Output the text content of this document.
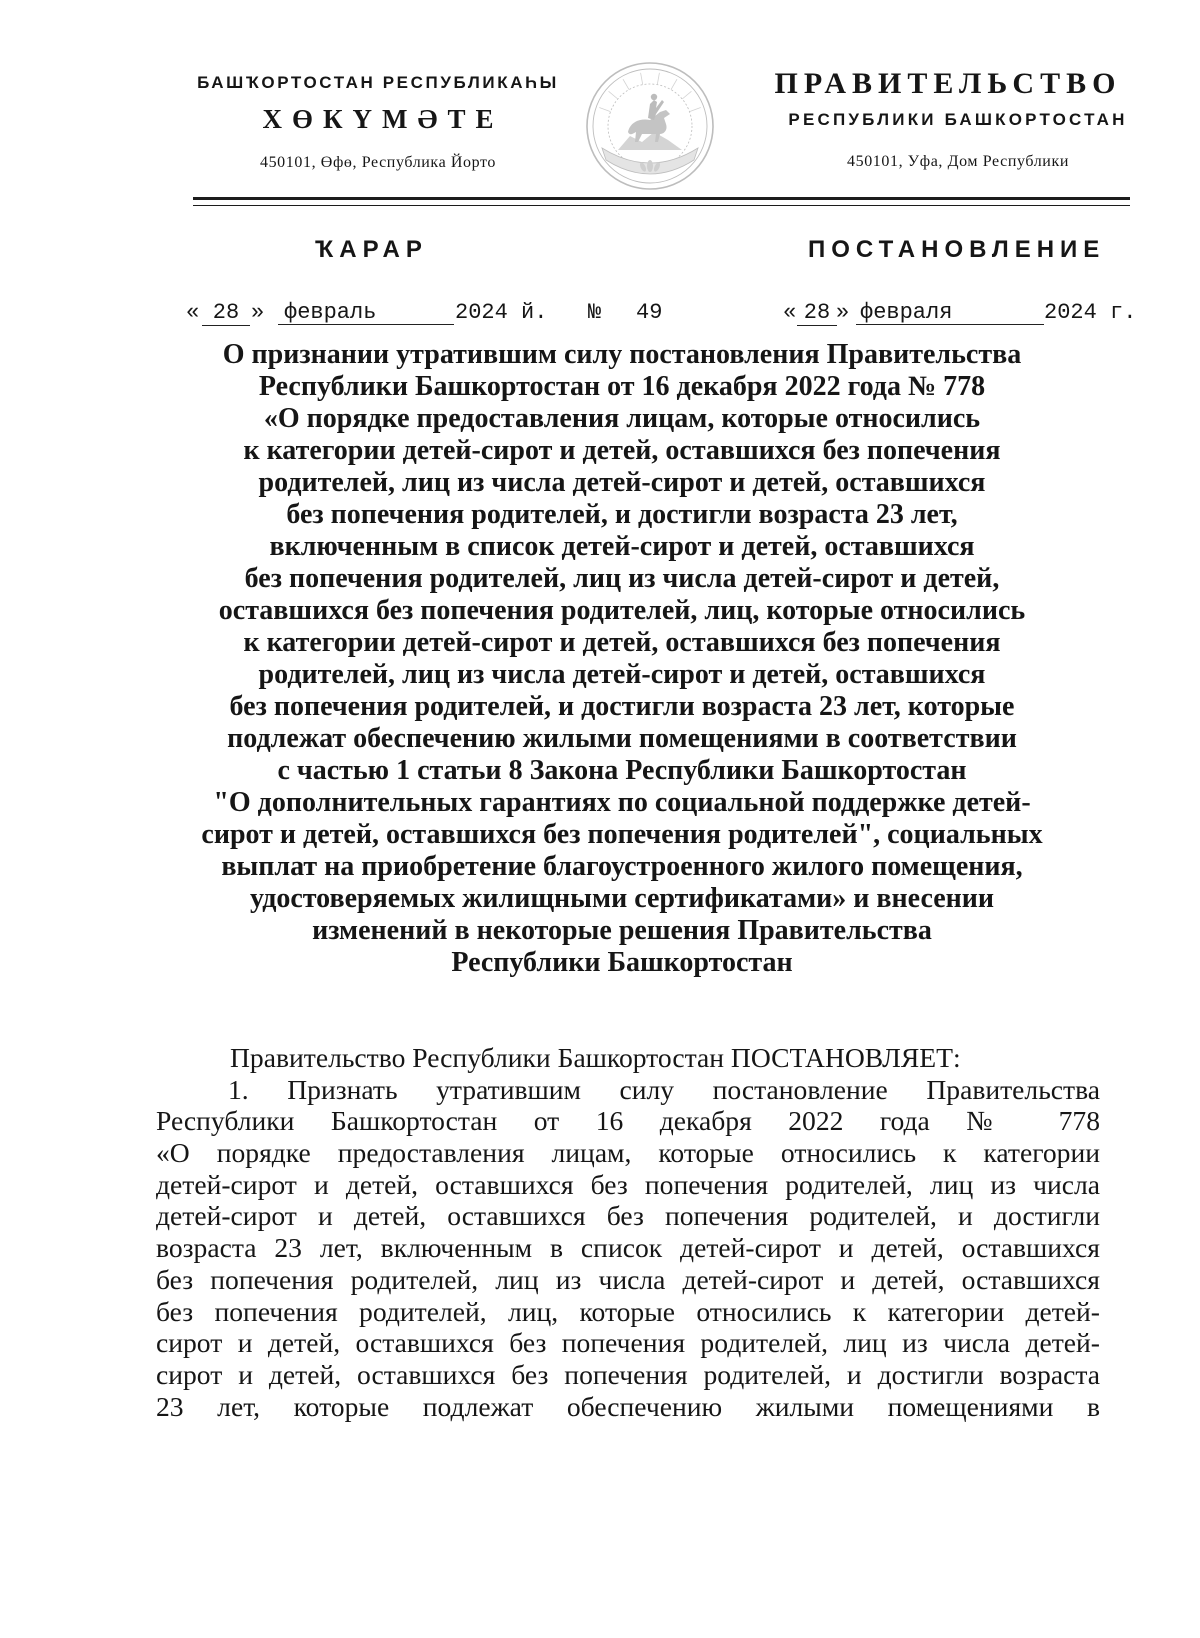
БАШҠОРТОСТАН РЕСПУБЛИКАҺЫ
ХӨКҮМӘТЕ
450101, Өфө, Республика Йорто
ПРАВИТЕЛЬСТВО
РЕСПУБЛИКИ БАШКОРТОСТАН
450101, Уфа, Дом Республики
ҠАРАР	ПОСТАНОВЛЕНИЕ
« 28 » февраль	2024 й. № 49	« 28 » февраля	2024 г.
О признании утратившим силу постановления Правительства
Республики Башкортостан от 16 декабря 2022 года № 778
«О порядке предоставления лицам, которые относились
к категории детей-сирот и детей, оставшихся без попечения
родителей, лиц из числа детей-сирот и детей, оставшихся
без попечения родителей, и достигли возраста 23 лет,
включенным в список детей-сирот и детей, оставшихся
без попечения родителей, лиц из числа детей-сирот и детей,
оставшихся без попечения родителей, лиц, которые относились
к категории детей-сирот и детей, оставшихся без попечения
родителей, лиц из числа детей-сирот и детей, оставшихся
без попечения родителей, и достигли возраста 23 лет, которые
подлежат обеспечению жилыми помещениями в соответствии
с частью 1 статьи 8 Закона Республики Башкортостан
"О дополнительных гарантиях по социальной поддержке детей-
сирот и детей, оставшихся без попечения родителей", социальных
выплат на приобретение благоустроенного жилого помещения,
удостоверяемых жилищными сертификатами» и внесении
изменений в некоторые решения Правительства
Республики Башкортостан
Правительство Республики Башкортостан ПОСТАНОВЛЯЕТ:
1. Признать утратившим силу постановление Правительства
Республики Башкортостан от 16 декабря 2022 года № 778
«О порядке предоставления лицам, которые относились к категории
детей-сирот и детей, оставшихся без попечения родителей, лиц из числа
детей-сирот и детей, оставшихся без попечения родителей, и достигли
возраста 23 лет, включенным в список детей-сирот и детей, оставшихся
без попечения родителей, лиц из числа детей-сирот и детей, оставшихся
без попечения родителей, лиц, которые относились к категории детей-
сирот и детей, оставшихся без попечения родителей, лиц из числа детей-
сирот и детей, оставшихся без попечения родителей, и достигли возраста
23 лет, которые подлежат обеспечению жилыми помещениями в
